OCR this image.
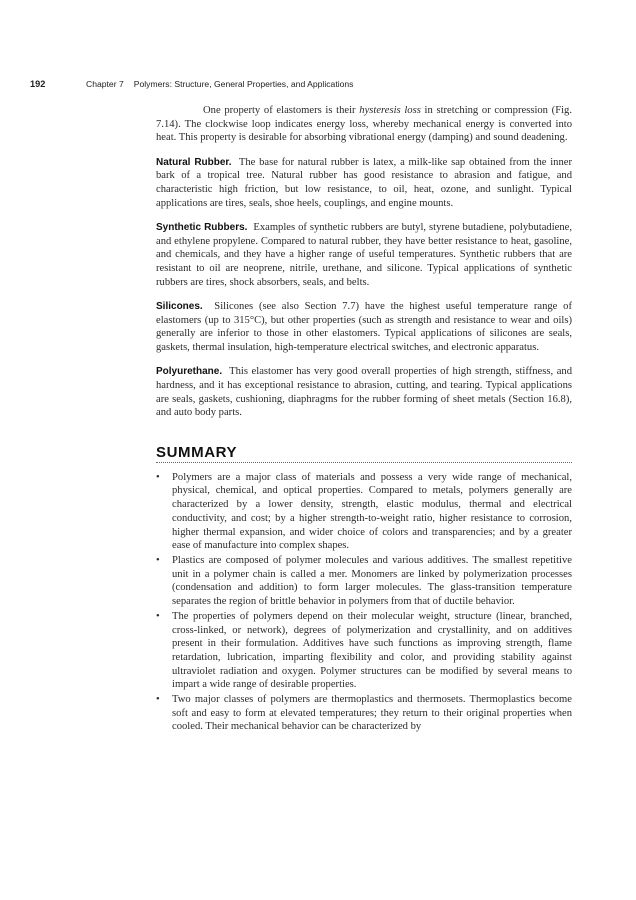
192	Chapter 7 Polymers: Structure, General Properties, and Applications

One property of elastomers is their hysteresis loss in stretching or compression (Fig. 7.14). The clockwise loop indicates energy loss, whereby mechanical energy is converted into heat. This property is desirable for absorbing vibrational energy (damping) and sound deadening.

Natural Rubber. The base for natural rubber is latex, a milk-like sap obtained from the inner bark of a tropical tree. Natural rubber has good resistance to abrasion and fatigue, and characteristic high friction, but low resistance, to oil, heat, ozone, and sunlight. Typical applications are tires, seals, shoe heels, couplings, and engine mounts.

Synthetic Rubbers. Examples of synthetic rubbers are butyl, styrene butadiene, polybutadiene, and ethylene propylene. Compared to natural rubber, they have better resistance to heat, gasoline, and chemicals, and they have a higher range of useful temperatures. Synthetic rubbers that are resistant to oil are neoprene, nitrile, urethane, and silicone. Typical applications of synthetic rubbers are tires, shock absorbers, seals, and belts.

Silicones. Silicones (see also Section 7.7) have the highest useful temperature range of elastomers (up to 315°C), but other properties (such as strength and resistance to wear and oils) generally are inferior to those in other elastomers. Typical applications of silicones are seals, gaskets, thermal insulation, high-temperature electrical switches, and electronic apparatus.

Polyurethane. This elastomer has very good overall properties of high strength, stiffness, and hardness, and it has exceptional resistance to abrasion, cutting, and tearing. Typical applications are seals, gaskets, cushioning, diaphragms for the rubber forming of sheet metals (Section 16.8), and auto body parts.

SUMMARY
• Polymers are a major class of materials and possess a very wide range of mechanical, physical, chemical, and optical properties. Compared to metals, polymers generally are characterized by a lower density, strength, elastic modulus, thermal and electrical conductivity, and cost; by a higher strength-to-weight ratio, higher resistance to corrosion, higher thermal expansion, and wider choice of colors and transparencies; and by a greater ease of manufacture into complex shapes.
• Plastics are composed of polymer molecules and various additives. The smallest repetitive unit in a polymer chain is called a mer. Monomers are linked by polymerization processes (condensation and addition) to form larger molecules. The glass-transition temperature separates the region of brittle behavior in polymers from that of ductile behavior.
• The properties of polymers depend on their molecular weight, structure (linear, branched, cross-linked, or network), degrees of polymerization and crystallinity, and on additives present in their formulation. Additives have such functions as improving strength, flame retardation, lubrication, imparting flexibility and color, and providing stability against ultraviolet radiation and oxygen. Polymer structures can be modified by several means to impart a wide range of desirable properties.
• Two major classes of polymers are thermoplastics and thermosets. Thermoplastics become soft and easy to form at elevated temperatures; they return to their original properties when cooled. Their mechanical behavior can be characterized by
